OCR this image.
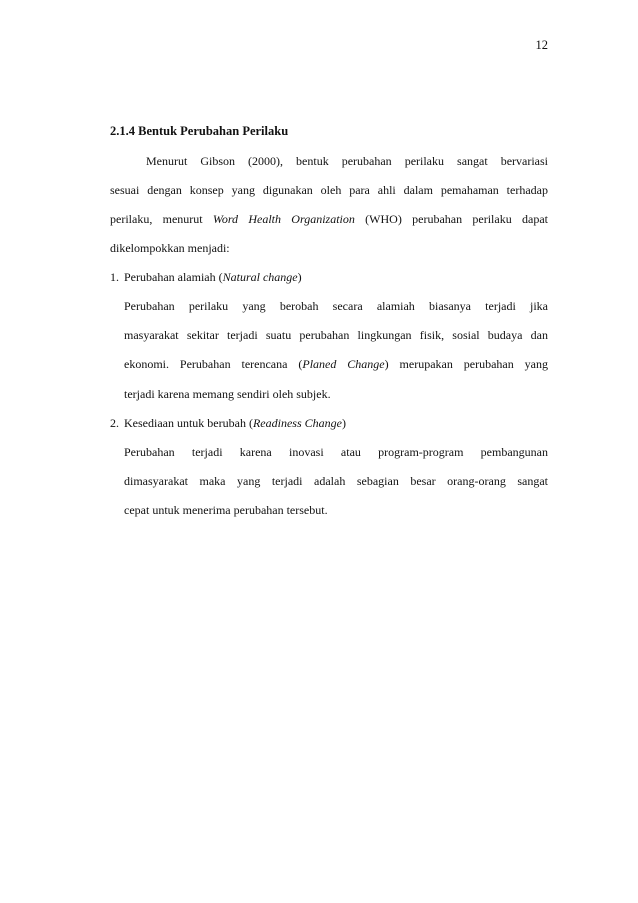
12
2.1.4 Bentuk Perubahan Perilaku
Menurut Gibson (2000), bentuk perubahan perilaku sangat bervariasi
sesuai dengan konsep yang digunakan oleh para ahli dalam pemahaman terhadap
perilaku, menurut Word Health Organization (WHO) perubahan perilaku dapat
dikelompokkan menjadi:
1. Perubahan alamiah (Natural change)
Perubahan perilaku yang berobah secara alamiah biasanya terjadi jika
masyarakat sekitar terjadi suatu perubahan lingkungan fisik, sosial budaya dan
ekonomi. Perubahan terencana (Planed Change) merupakan perubahan yang
terjadi karena memang sendiri oleh subjek.
2. Kesediaan untuk berubah (Readiness Change)
Perubahan terjadi karena inovasi atau program-program pembangunan
dimasyarakat maka yang terjadi adalah sebagian besar orang-orang sangat
cepat untuk menerima perubahan tersebut.
